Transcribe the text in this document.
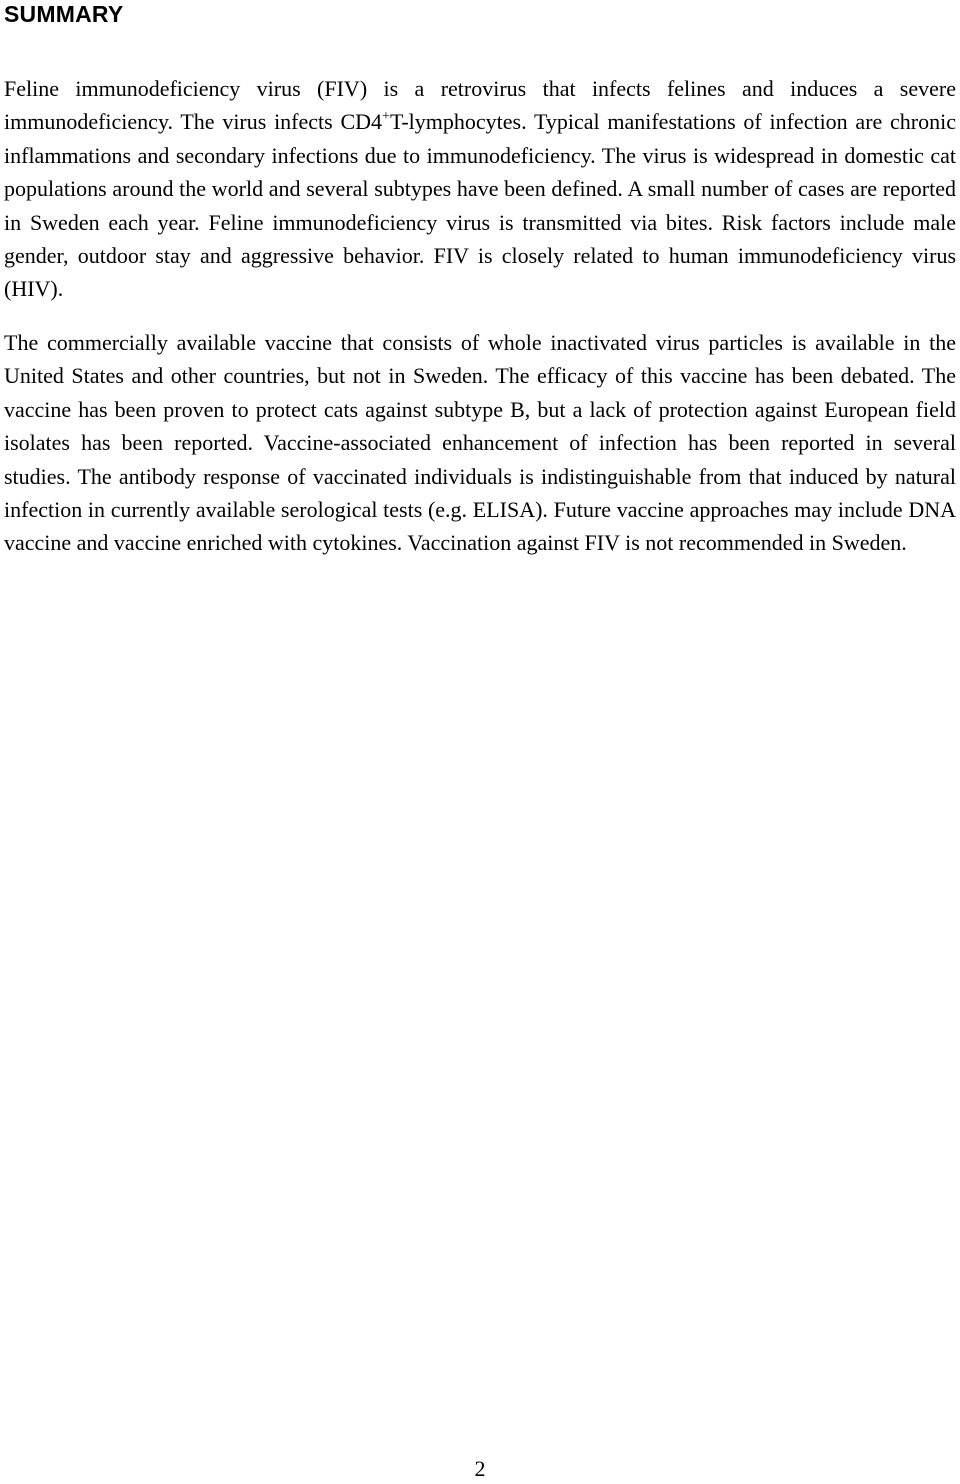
SUMMARY

Feline immunodeficiency virus (FIV) is a retrovirus that infects felines and induces a severe immunodeficiency. The virus infects CD4+T-lymphocytes. Typical manifestations of infection are chronic inflammations and secondary infections due to immunodeficiency. The virus is widespread in domestic cat populations around the world and several subtypes have been defined. A small number of cases are reported in Sweden each year. Feline immunodeficiency virus is transmitted via bites. Risk factors include male gender, outdoor stay and aggressive behavior. FIV is closely related to human immunodeficiency virus (HIV).

The commercially available vaccine that consists of whole inactivated virus particles is available in the United States and other countries, but not in Sweden. The efficacy of this vaccine has been debated. The vaccine has been proven to protect cats against subtype B, but a lack of protection against European field isolates has been reported. Vaccine-associated enhancement of infection has been reported in several studies. The antibody response of vaccinated individuals is indistinguishable from that induced by natural infection in currently available serological tests (e.g. ELISA). Future vaccine approaches may include DNA vaccine and vaccine enriched with cytokines. Vaccination against FIV is not recommended in Sweden.

2
